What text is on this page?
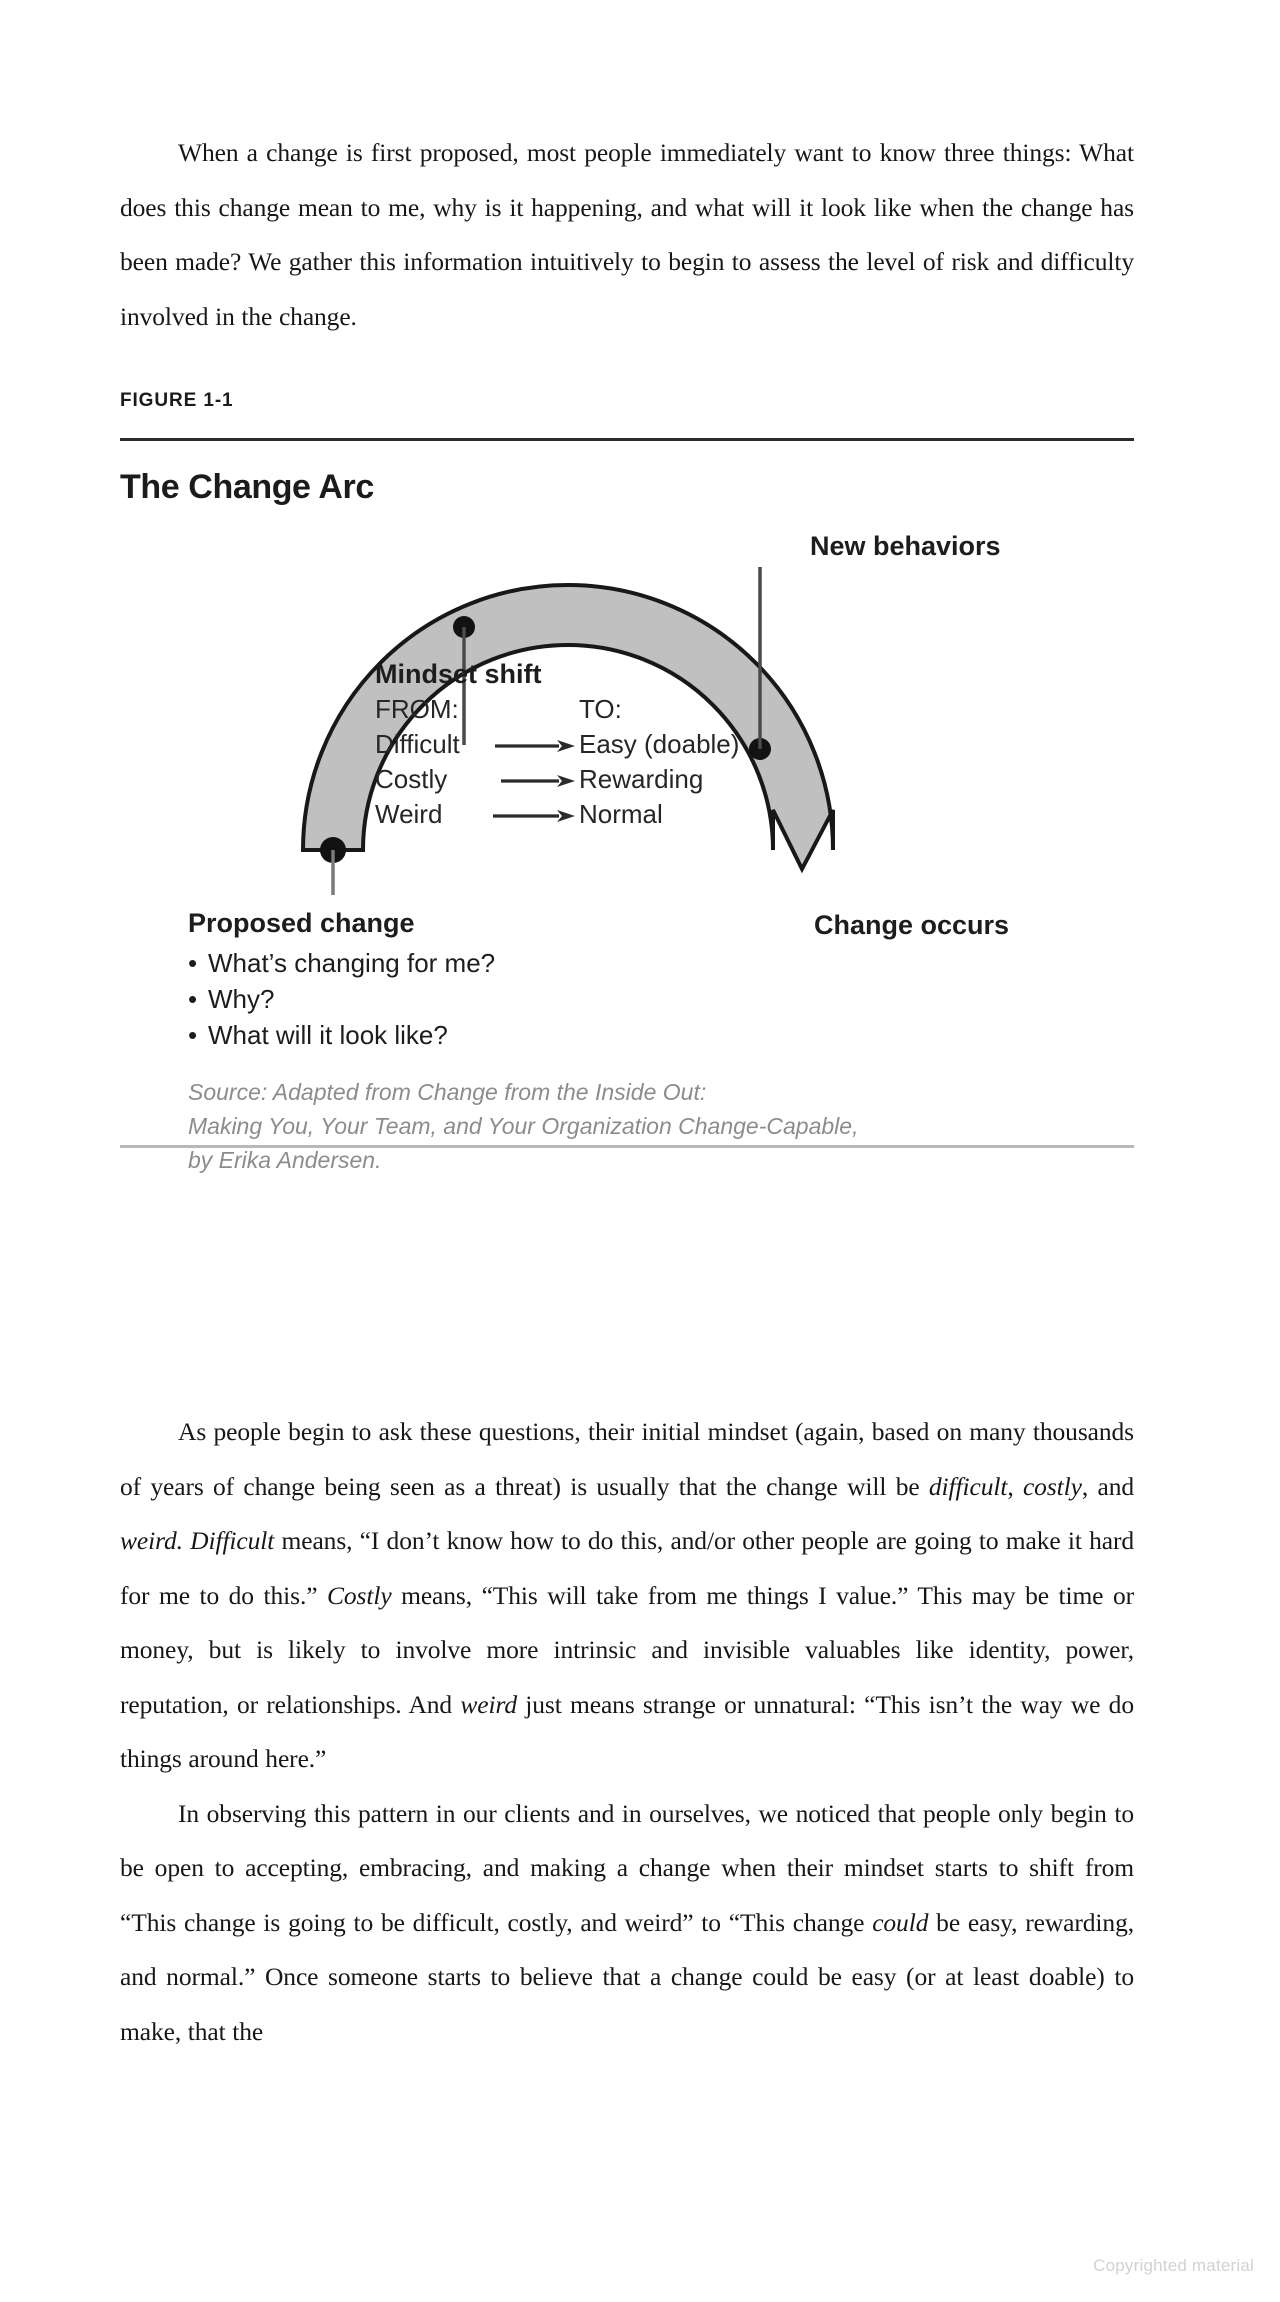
When a change is first proposed, most people immediately want to know three things: What does this change mean to me, why is it happening, and what will it look like when the change has been made? We gather this information intuitively to begin to assess the level of risk and difficulty involved in the change.

FIGURE 1-1
The Change Arc
New behaviors
Mindset shift
FROM:		TO:
Difficult		Easy (doable)
Costly		Rewarding
Weird		Normal
Proposed change
• What’s changing for me?
• Why?
• What will it look like?
Change occurs
Source: Adapted from Change from the Inside Out:
Making You, Your Team, and Your Organization Change-Capable,
by Erika Andersen.

As people begin to ask these questions, their initial mindset (again, based on many thousands of years of change being seen as a threat) is usually that the change will be difficult, costly, and weird. Difficult means, “I don’t know how to do this, and/or other people are going to make it hard for me to do this.” Costly means, “This will take from me things I value.” This may be time or money, but is likely to involve more intrinsic and invisible valuables like identity, power, reputation, or relationships. And weird just means strange or unnatural: “This isn’t the way we do things around here.”

In observing this pattern in our clients and in ourselves, we noticed that people only begin to be open to accepting, embracing, and making a change when their mindset starts to shift from “This change is going to be difficult, costly, and weird” to “This change could be easy, rewarding, and normal.” Once someone starts to believe that a change could be easy (or at least doable) to make, that the

Copyrighted material
